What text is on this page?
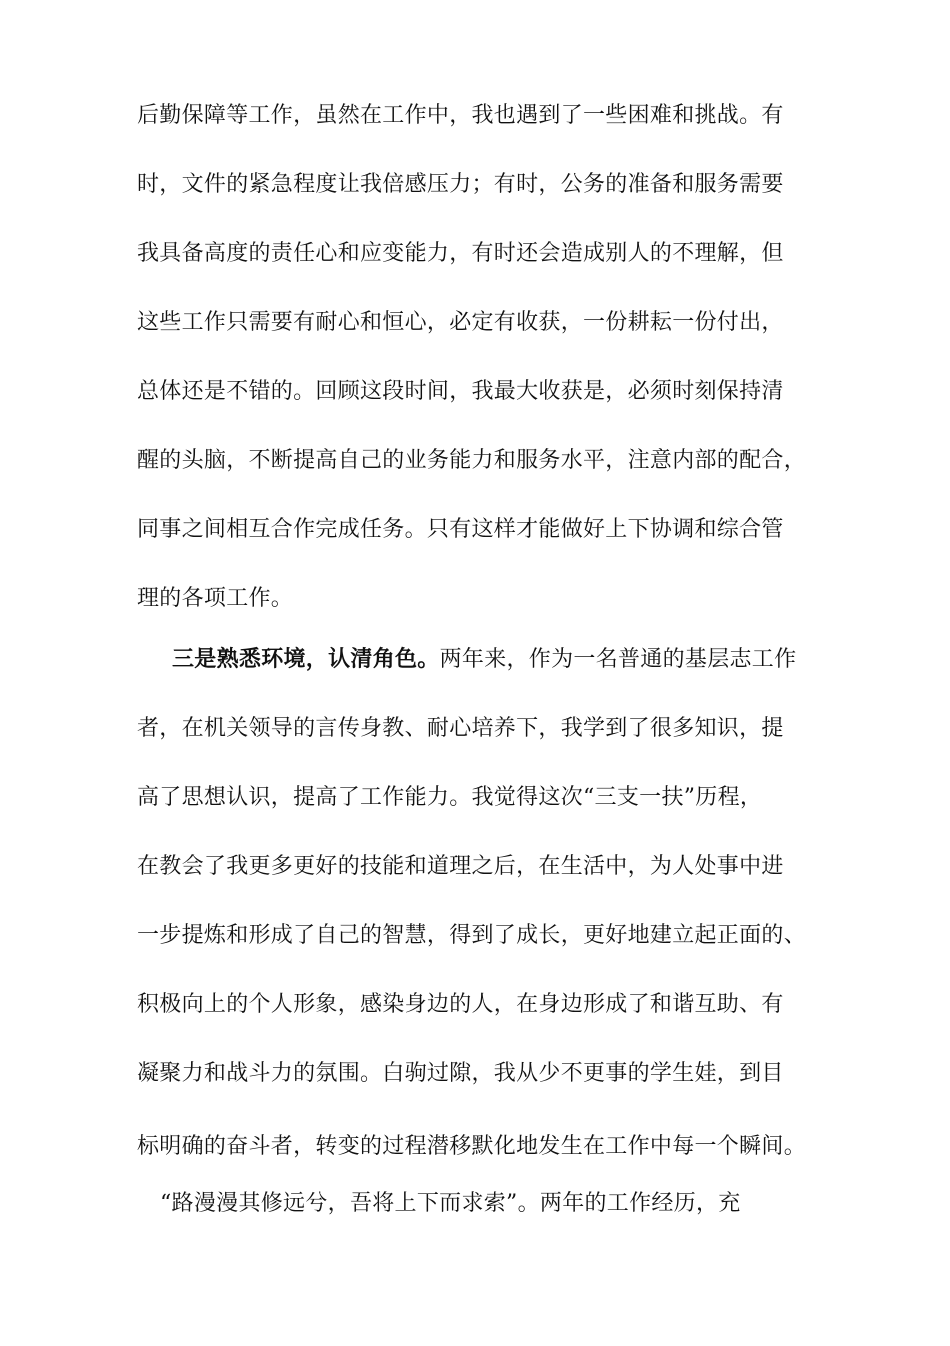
后勤保障等工作，虽然在工作中，我也遇到了一些困难和挑战。有
时，文件的紧急程度让我倍感压力；有时，公务的准备和服务需要
我具备高度的责任心和应变能力，有时还会造成别人的不理解，但
这些工作只需要有耐心和恒心，必定有收获，一份耕耘一份付出，
总体还是不错的。回顾这段时间，我最大收获是，必须时刻保持清
醒的头脑，不断提高自己的业务能力和服务水平，注意内部的配合，
同事之间相互合作完成任务。只有这样才能做好上下协调和综合管
理的各项工作。
三是熟悉环境，认清角色。两年来，作为一名普通的基层志工作
者，在机关领导的言传身教、耐心培养下，我学到了很多知识，提
高了思想认识，提高了工作能力。我觉得这次“三支一扶”历程，
在教会了我更多更好的技能和道理之后，在生活中，为人处事中进
一步提炼和形成了自己的智慧，得到了成长，更好地建立起正面的、
积极向上的个人形象，感染身边的人，在身边形成了和谐互助、有
凝聚力和战斗力的氛围。白驹过隙，我从少不更事的学生娃，到目
标明确的奋斗者，转变的过程潜移默化地发生在工作中每一个瞬间。
“路漫漫其修远兮，吾将上下而求索”。两年的工作经历，充
